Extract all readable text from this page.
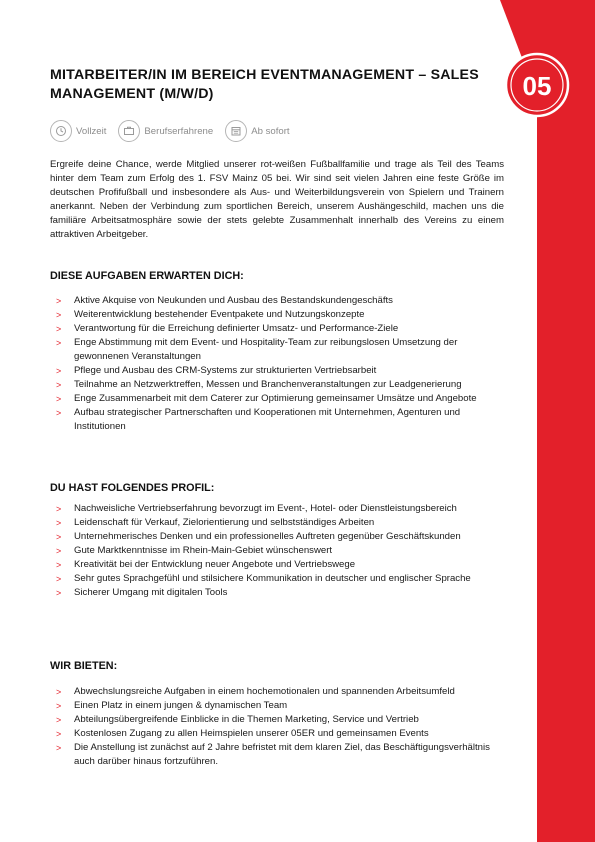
05
MITARBEITER/IN IM BEREICH EVENTMANAGEMENT – SALES MANAGEMENT (M/W/D)
Vollzeit	Berufserfahrene	Ab sofort

Ergreife deine Chance, werde Mitglied unserer rot-weißen Fußballfamilie und trage als Teil des Teams hinter dem Team zum Erfolg des 1. FSV Mainz 05 bei. Wir sind seit vielen Jahren eine feste Größe im deutschen Profifußball und insbesondere als Aus- und Weiterbildungsverein von Spielern und Trainern anerkannt. Neben der Verbindung zum sportlichen Bereich, unserem Aushängeschild, machen uns die familiäre Arbeitsatmosphäre sowie der stets gelebte Zusammenhalt innerhalb des Vereins zu einem attraktiven Arbeitgeber.

DIESE AUFGABEN ERWARTEN DICH:
> Aktive Akquise von Neukunden und Ausbau des Bestandskundengeschäfts
> Weiterentwicklung bestehender Eventpakete und Nutzungskonzepte
> Verantwortung für die Erreichung definierter Umsatz- und Performance-Ziele
> Enge Abstimmung mit dem Event- und Hospitality-Team zur reibungslosen Umsetzung der gewonnenen Veranstaltungen
> Pflege und Ausbau des CRM-Systems zur strukturierten Vertriebsarbeit
> Teilnahme an Netzwerktreffen, Messen und Branchenveranstaltungen zur Leadgenerierung
> Enge Zusammenarbeit mit dem Caterer zur Optimierung gemeinsamer Umsätze und Angebote
> Aufbau strategischer Partnerschaften und Kooperationen mit Unternehmen, Agenturen und Institutionen
DU HAST FOLGENDES PROFIL:
> Nachweisliche Vertriebserfahrung bevorzugt im Event-, Hotel- oder Dienstleistungsbereich
> Leidenschaft für Verkauf, Zielorientierung und selbstständiges Arbeiten
> Unternehmerisches Denken und ein professionelles Auftreten gegenüber Geschäftskunden
> Gute Marktkenntnisse im Rhein-Main-Gebiet wünschenswert
> Kreativität bei der Entwicklung neuer Angebote und Vertriebswege
> Sehr gutes Sprachgefühl und stilsichere Kommunikation in deutscher und englischer Sprache
> Sicherer Umgang mit digitalen Tools
WIR BIETEN:
> Abwechslungsreiche Aufgaben in einem hochemotionalen und spannenden Arbeitsumfeld
> Einen Platz in einem jungen & dynamischen Team
> Abteilungsübergreifende Einblicke in die Themen Marketing, Service und Vertrieb
> Kostenlosen Zugang zu allen Heimspielen unserer 05ER und gemeinsamen Events
> Die Anstellung ist zunächst auf 2 Jahre befristet mit dem klaren Ziel, das Beschäftigungsverhältnis auch darüber hinaus fortzuführen.
